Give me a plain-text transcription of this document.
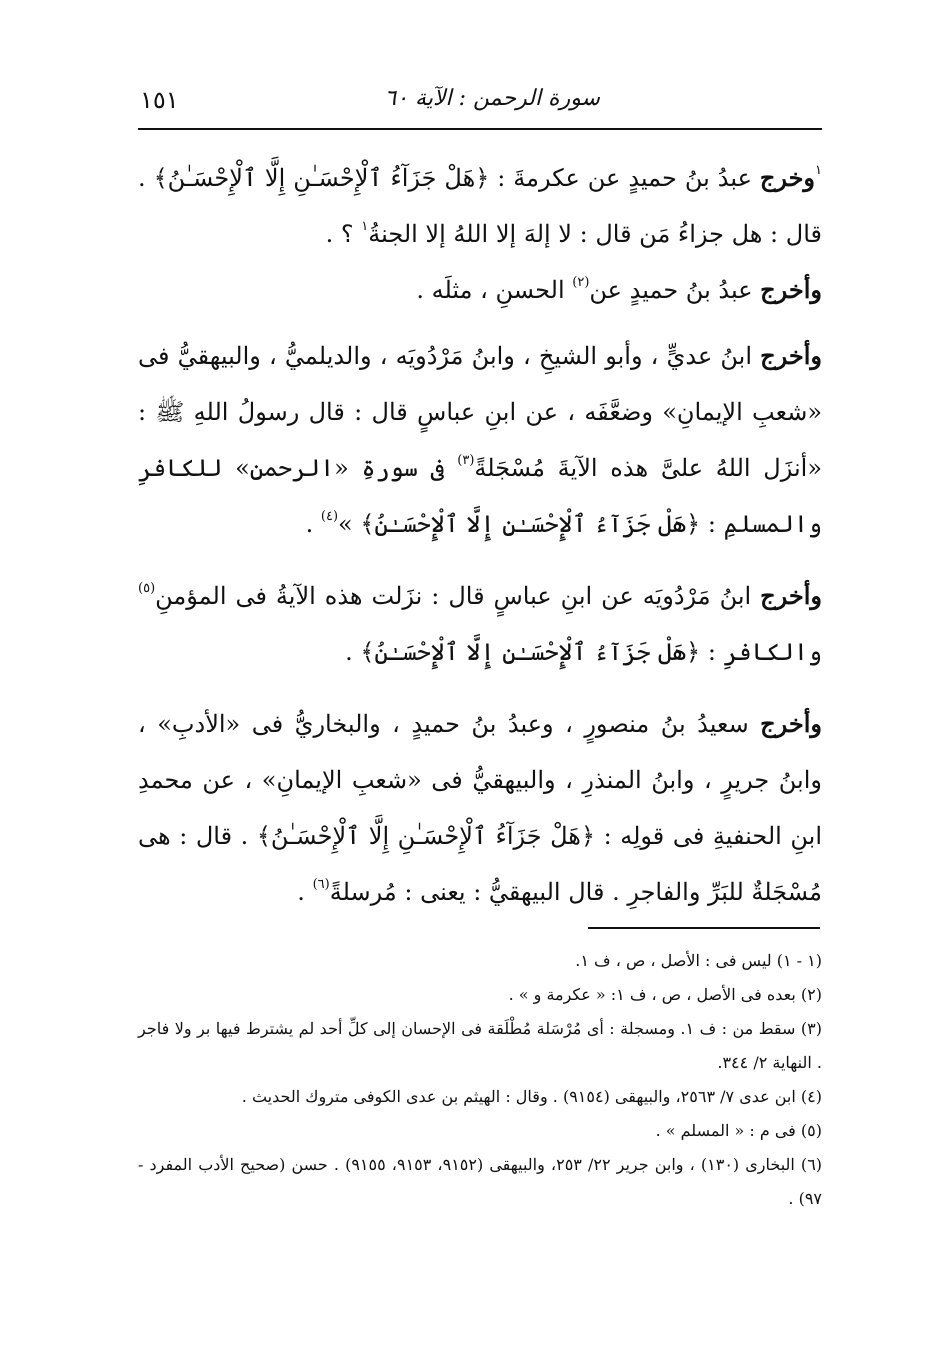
سورة الرحمن : الآية ٦٠
١٥١

$^١$وخرج عبدُ بنُ حميدٍ عن عكرمةَ : ﴿هَلْ جَزَآءُ ٱلْإِحْسَـٰنِ إِلَّا ٱلْإِحْسَـٰنُ﴾ . قال : هل جزاءُ مَن قال : لا إلهَ إلا اللهُ إلا الجنةُ$^١$ ؟ .

وأخرج عبدُ بنُ حميدٍ عن$^{(٢)}$ الحسنِ ، مثلَه .

وأخرج ابنُ عديٍّ ، وأبو الشيخِ ، وابنُ مَرْدُويَه ، والديلميُّ ، والبيهقيُّ فى «شعبِ الإيمانِ» وضعَّفَه ، عن ابنِ عباسٍ قال : قال رسولُ اللهِ ﷺ : «أنزَل اللهُ علىَّ هذه الآيةَ مُسْجَلةً$^{(٣)}$ فى سورةِ «الرحمنِ» للكافرِ والمسلمِ : ﴿هَلْ جَزَآءُ ٱلْإِحْسَـٰنِ إِلَّا ٱلْإِحْسَـٰنُ﴾ »$^{(٤)}$ .

وأخرج ابنُ مَرْدُويَه عن ابنِ عباسٍ قال : نزَلت هذه الآيةُ فى المؤمنِ$^{(٥)}$ والكافرِ : ﴿هَلْ جَزَآءُ ٱلْإِحْسَـٰنِ إِلَّا ٱلْإِحْسَـٰنُ﴾ .

وأخرج سعيدُ بنُ منصورٍ ، وعبدُ بنُ حميدٍ ، والبخاريُّ فى «الأدبِ» ، وابنُ جريرٍ ، وابنُ المنذرِ ، والبيهقيُّ فى «شعبِ الإيمانِ» ، عن محمدِ ابنِ الحنفيةِ فى قولِه : ﴿هَلْ جَزَآءُ ٱلْإِحْسَـٰنِ إِلَّا ٱلْإِحْسَـٰنُ﴾ . قال : هى مُسْجَلةٌ للبَرِّ والفاجرِ . قال البيهقيُّ : يعنى : مُرسلةً$^{(٦)}$ .

(١ - ١) ليس فى : الأصل ، ص ، ف ١.

(٢) بعده فى الأصل ، ص ، ف ١: « عكرمة و » .

(٣) سقط من : ف ١. ومسجلة : أى مُرْسَلة مُطْلَقة فى الإحسان إلى كلِّ أحد لم يشترط فيها بر ولا فاجر . النهاية ٢/ ٣٤٤.

(٤) ابن عدى ٧/ ٢٥٦٣، والبيهقى (٩١٥٤) . وقال : الهيثم بن عدى الكوفى متروك الحديث .

(٥) فى م : « المسلم » .

(٦) البخارى (١٣٠) ، وابن جرير ٢٢/ ٢٥٣، والبيهقى (٩١٥٢، ٩١٥٣، ٩١٥٥) . حسن (صحيح الأدب المفرد - ٩٧) .
